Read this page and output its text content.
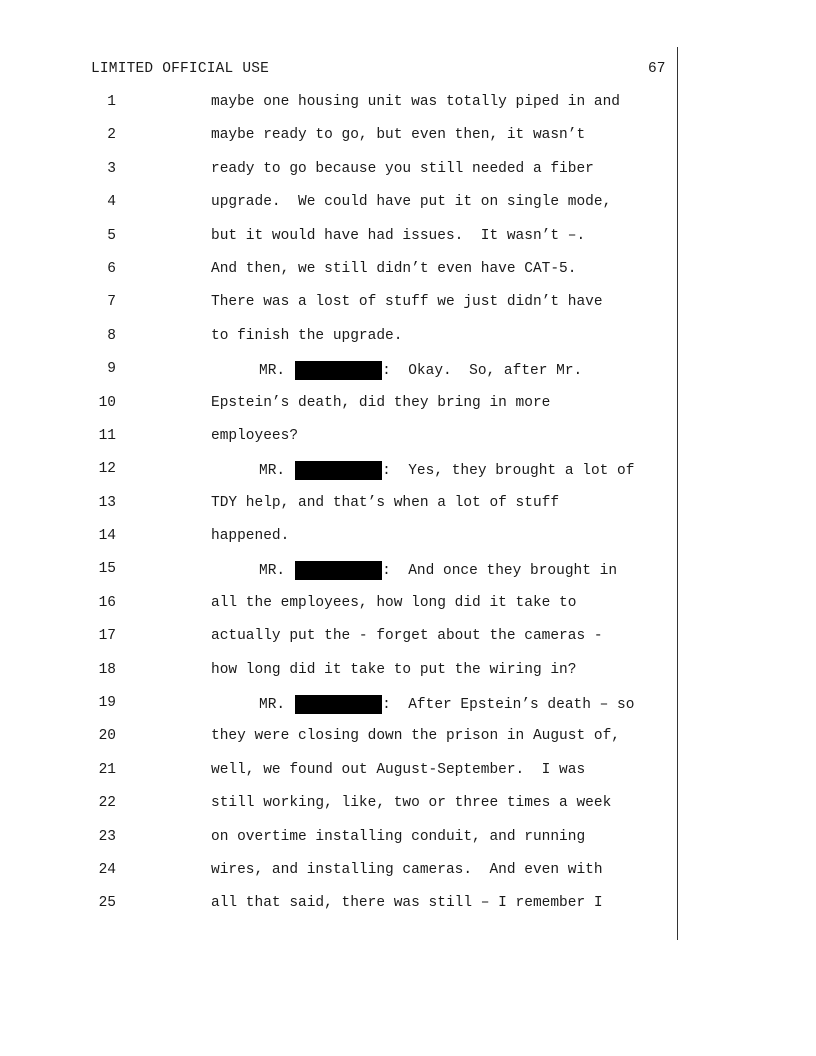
LIMITED OFFICIAL USE	67
1	maybe one housing unit was totally piped in and
2	maybe ready to go, but even then, it wasn’t
3	ready to go because you still needed a fiber
4	upgrade.  We could have put it on single mode,
5	but it would have had issues.  It wasn’t –.
6	And then, we still didn’t even have CAT-5.
7	There was a lost of stuff we just didn’t have
8	to finish the upgrade.
9	MR.	:  Okay.  So, after Mr.
10	Epstein’s death, did they bring in more
11	employees?
12	MR.	:  Yes, they brought a lot of
13	TDY help, and that’s when a lot of stuff
14	happened.
15	MR.	:  And once they brought in
16	all the employees, how long did it take to
17	actually put the - forget about the cameras -
18	how long did it take to put the wiring in?
19	MR.	:  After Epstein’s death – so
20	they were closing down the prison in August of,
21	well, we found out August-September.  I was
22	still working, like, two or three times a week
23	on overtime installing conduit, and running
24	wires, and installing cameras.  And even with
25	all that said, there was still – I remember I
